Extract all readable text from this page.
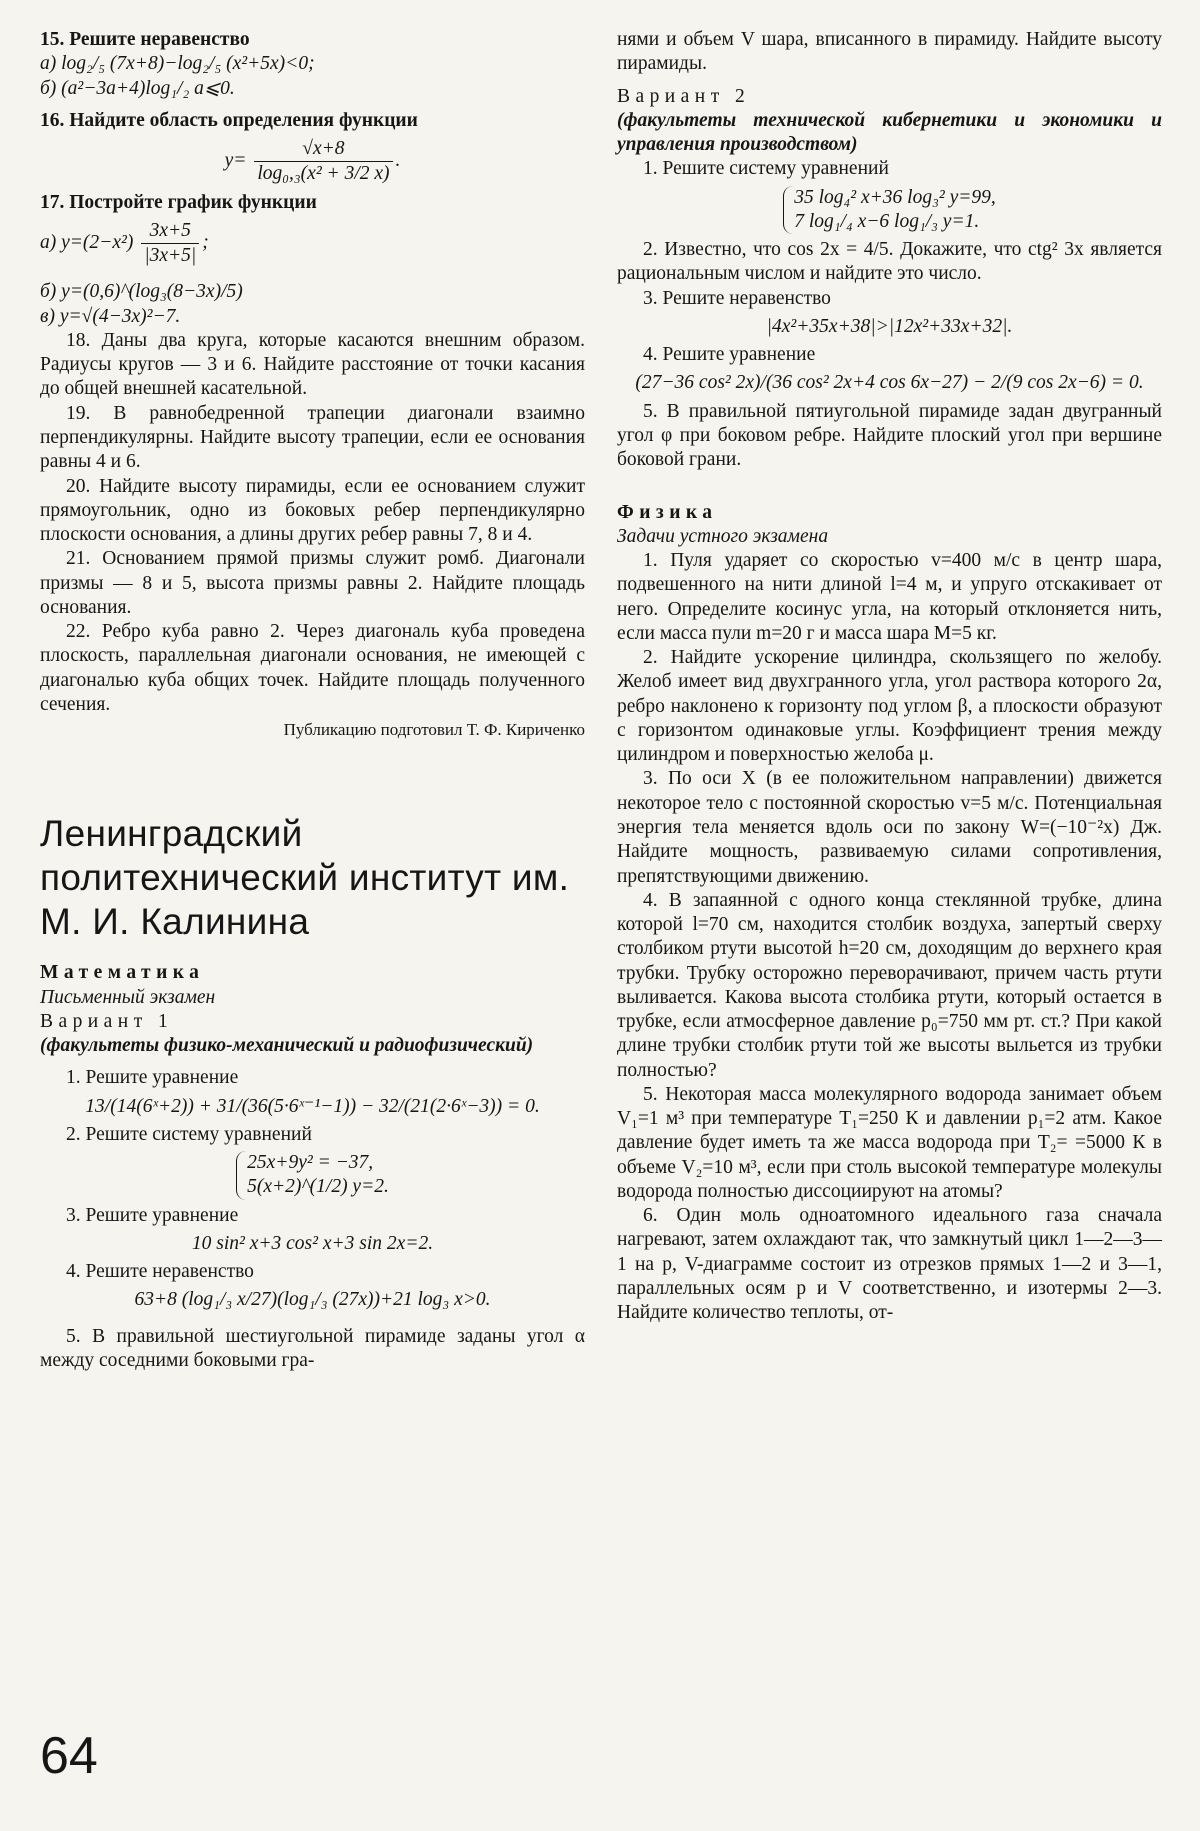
15. Решите неравенство

а) log₂/₅ (7x+8)−log₂/₅ (x²+5x)<0;

б) (a²−3a+4)log₁/₂ a⩽0.

16. Найдите область определения функции

$y= \frac{√x+8}{\text{log₀,₃(x² + 3/2 x)}}$ .

17. Постройте график функции

а) $y=(2-x^2) \frac{3x+5}{|3x+5|}$ ;

б) y=(0,6)^(log₃(8−3x)/5)

в) y=√(4−3x)²−7.

18. Даны два круга, которые касаются внешним образом. Радиусы кругов — 3 и 6. Найдите расстояние от точки касания до общей внешней касательной.

19. В равнобедренной трапеции диагонали взаимно перпендикулярны. Найдите высоту трапеции, если ее основания равны 4 и 6.

20. Найдите высоту пирамиды, если ее основанием служит прямоугольник, одно из боковых ребер перпендикулярно плоскости основания, а длины других ребер равны 7, 8 и 4.

21. Основанием прямой призмы служит ромб. Диагонали призмы — 8 и 5, высота призмы равны 2. Найдите площадь основания.

22. Ребро куба равно 2. Через диагональ куба проведена плоскость, параллельная диагонали основания, не имеющей с диагональю куба общих точек. Найдите площадь полученного сечения.

Публикацию подготовил Т. Ф. Кириченко

Ленинградский политехнический институт им. М. И. Калинина

Математика

Письменный экзамен

Вариант 1

(факультеты физико-механический и радиофизический)

1. Решите уравнение

13/(14(6ˣ+2)) + 31/(36(5·6ˣ⁻¹−1)) − 32/(21(2·6ˣ−3)) = 0.

2. Решите систему уравнений

25x+9y² = −37,
5(x+2)^(1/2) y=2.

3. Решите уравнение

10 sin² x+3 cos² x+3 sin 2x=2.

4. Решите неравенство

63+8 (log₁/₃ x/27)(log₁/₃ (27x))+21 log₃ x>0.

5. В правильной шестиугольной пирамиде заданы угол α между соседними боковыми гра-

нями и объем V шара, вписанного в пирамиду. Найдите высоту пирамиды.

Вариант 2

(факультеты технической кибернетики и экономики и управления производством)

1. Решите систему уравнений

35 log₄² x+36 log₃² y=99,
7 log₁/₄ x−6 log₁/₃ y=1.

2. Известно, что cos 2x = 4/5. Докажите, что ctg² 3x является рациональным числом и найдите это число.

3. Решите неравенство

|4x²+35x+38|>|12x²+33x+32|.

4. Решите уравнение

(27−36 cos² 2x)/(36 cos² 2x+4 cos 6x−27) − 2/(9 cos 2x−6) = 0.

5. В правильной пятиугольной пирамиде задан двугранный угол φ при боковом ребре. Найдите плоский угол при вершине боковой грани.

Физика

Задачи устного экзамена

1. Пуля ударяет со скоростью v=400 м/с в центр шара, подвешенного на нити длиной l=4 м, и упруго отскакивает от него. Определите косинус угла, на который отклоняется нить, если масса пули m=20 г и масса шара M=5 кг.

2. Найдите ускорение цилиндра, скользящего по желобу. Желоб имеет вид двухгранного угла, угол раствора которого 2α, ребро наклонено к горизонту под углом β, а плоскости образуют с горизонтом одинаковые углы. Коэффициент трения между цилиндром и поверхностью желоба μ.

3. По оси X (в ее положительном направлении) движется некоторое тело с постоянной скоростью v=5 м/с. Потенциальная энергия тела меняется вдоль оси по закону W=(−10⁻²x) Дж. Найдите мощность, развиваемую силами сопротивления, препятствующими движению.

4. В запаянной с одного конца стеклянной трубке, длина которой l=70 см, находится столбик воздуха, запертый сверху столбиком ртути высотой h=20 см, доходящим до верхнего края трубки. Трубку осторожно переворачивают, причем часть ртути выливается. Какова высота столбика ртути, который остается в трубке, если атмосферное давление p₀=750 мм рт. ст.? При какой длине трубки столбик ртути той же высоты выльется из трубки полностью?

5. Некоторая масса молекулярного водорода занимает объем V₁=1 м³ при температуре T₁=250 К и давлении p₁=2 атм. Какое давление будет иметь та же масса водорода при T₂= =5000 К в объеме V₂=10 м³, если при столь высокой температуре молекулы водорода полностью диссоциируют на атомы?

6. Один моль одноатомного идеального газа сначала нагревают, затем охлаждают так, что замкнутый цикл 1—2—3—1 на p, V-диаграмме состоит из отрезков прямых 1—2 и 3—1, параллельных осям p и V соответственно, и изотермы 2—3. Найдите количество теплоты, от-

64
